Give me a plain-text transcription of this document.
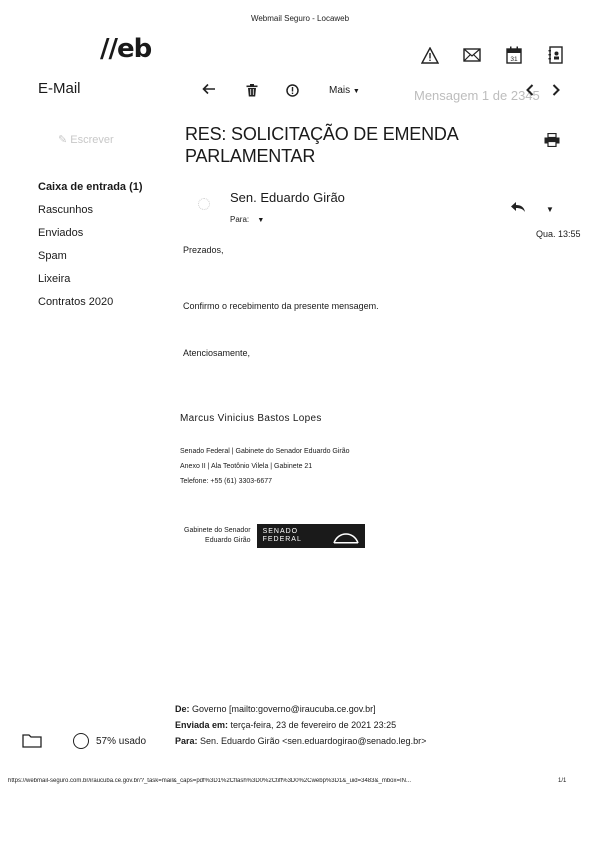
Webmail Seguro - Locaweb
//eb	31
E-Mail
✎ Escrever
Caixa de entrada (1)
Rascunhos
Enviados
Spam
Lixeira
Contratos 2020
Mais ▼	Mensagem 1 de 2345
RES: SOLICITAÇÃO DE EMENDA PARLAMENTAR
Sen. Eduardo Girão
Para: ▼
▼
Qua. 13:55

Prezados,

Confirmo o recebimento da presente mensagem.

Atenciosamente,

Marcus Vinicius Bastos Lopes
Senado Federal | Gabinete do Senador Eduardo Girão
Anexo II | Ala Teotônio Vilela | Gabinete 21
Telefone: +55 (61) 3303-6677
Gabinete do Senador
Eduardo Girão
SENADO
FEDERAL
De: Governo [mailto:governo@iraucuba.ce.gov.br]
Enviada em: terça-feira, 23 de fevereiro de 2021 23:25
Para: Sen. Eduardo Girão <sen.eduardogirao@senado.leg.br>
57% usado
https://webmail-seguro.com.br/iraucuba.ce.gov.br/?_task=mail&_caps=pdf%3D1%2Cflash%3D0%2Ctiff%3D0%2Cwebp%3D1&_uid=3483&_mbox=IN...	1/1
